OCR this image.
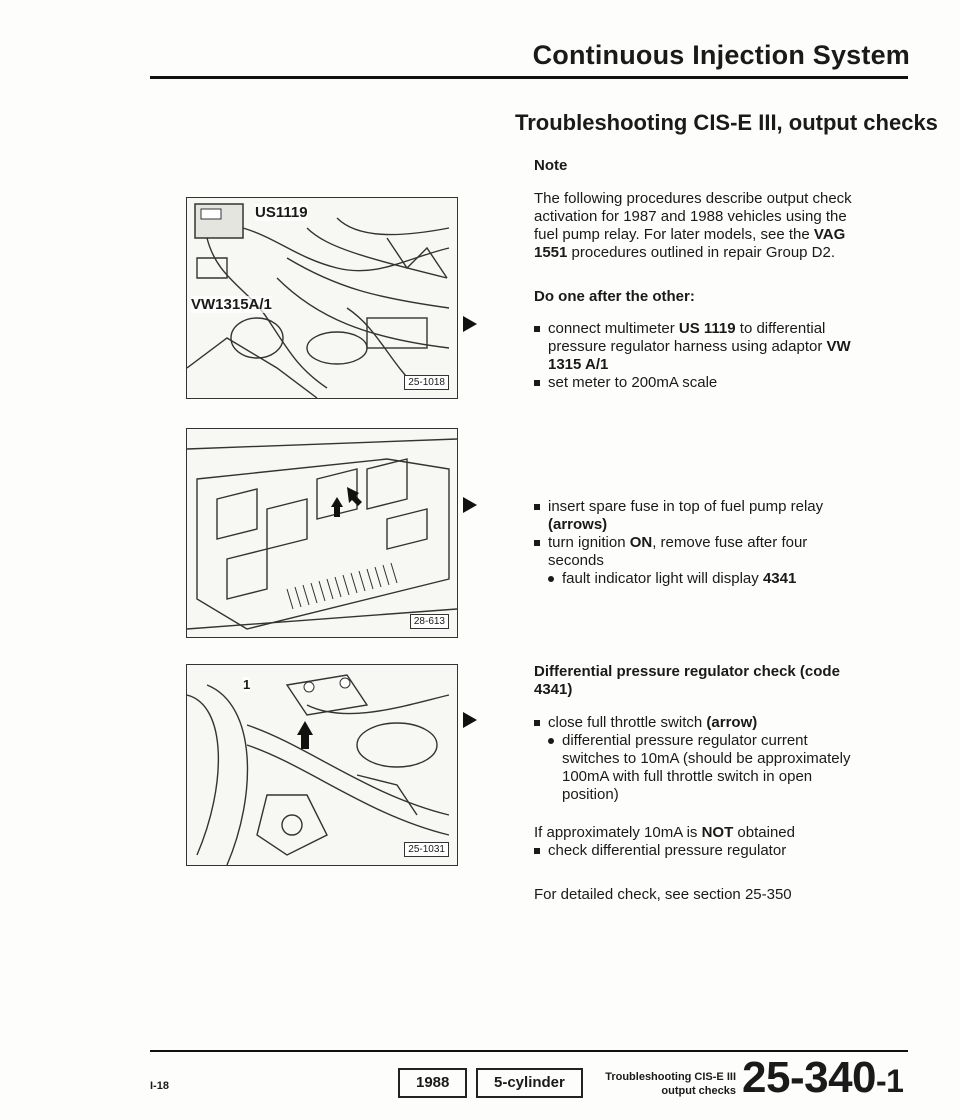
Continuous Injection System
Troubleshooting CIS-E III, output checks
Note
The following procedures describe output check activation for 1987 and 1988 vehicles using the fuel pump relay. For later models, see the VAG 1551 procedures outlined in repair Group D2.
Do one after the other:
connect multimeter US 1119 to differential pressure regulator harness using adaptor VW 1315 A/1
set meter to 200mA scale
insert spare fuse in top of fuel pump relay (arrows)
turn ignition ON, remove fuse after four seconds
fault indicator light will display 4341
Differential pressure regulator check (code 4341)
close full throttle switch (arrow)
differential pressure regulator current switches to 10mA (should be approximately 100mA with full throttle switch in open position)
If approximately 10mA is NOT obtained
check differential pressure regulator
For detailed check, see section 25-350
US1119
VW1315A/1
25-1018
28-613
1
25-1031
I-18	1988	5-cylinder	Troubleshooting CIS-E III
output checks 25-340-1
